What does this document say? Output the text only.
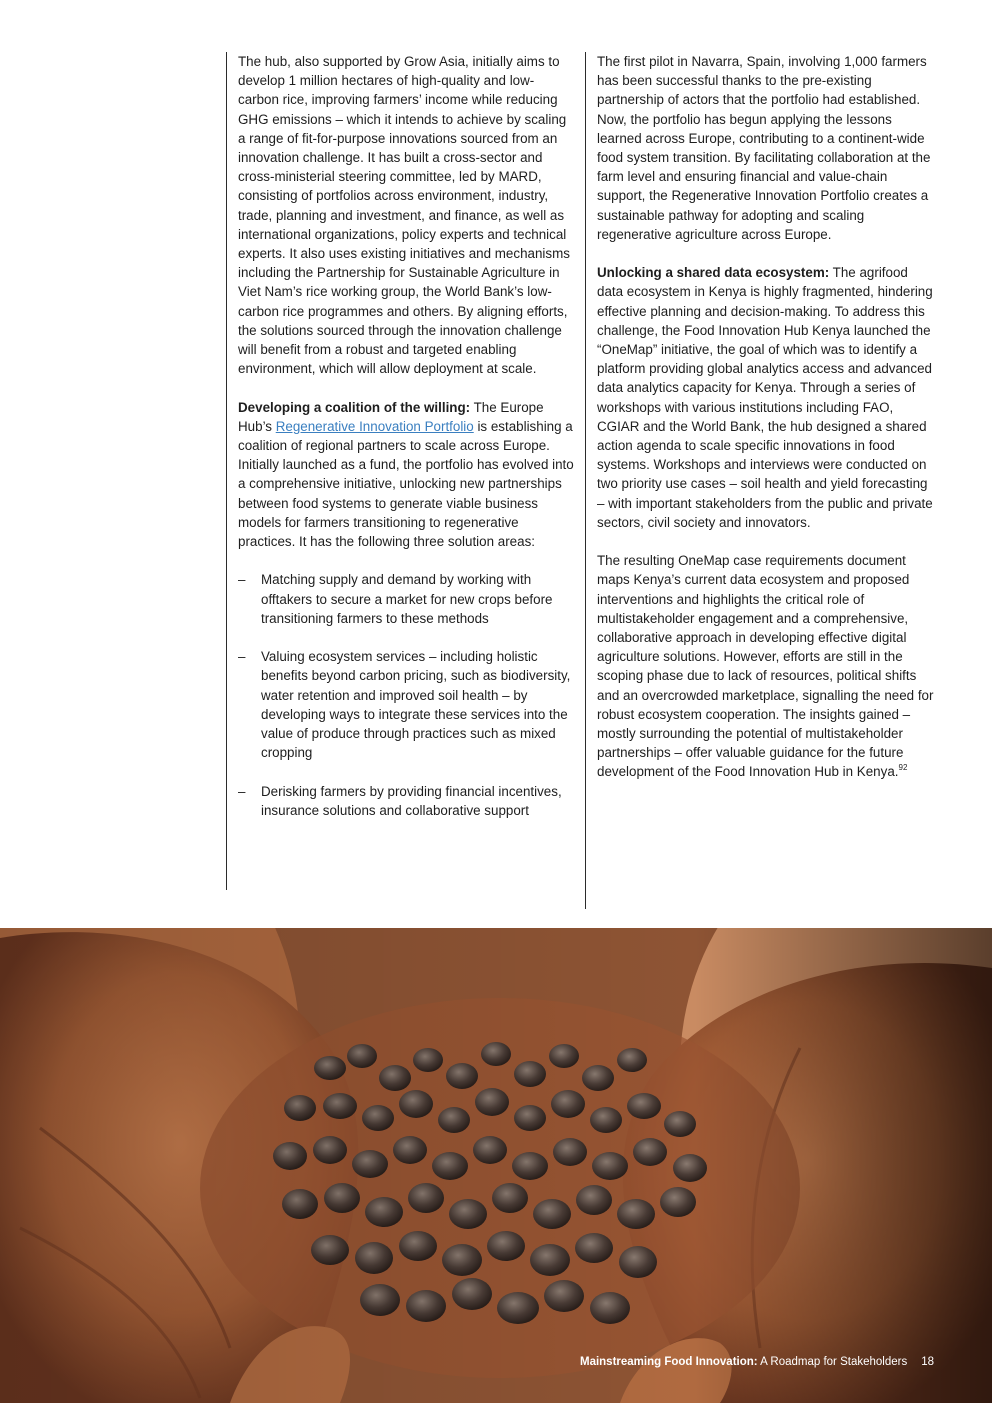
The hub, also supported by Grow Asia, initially aims to develop 1 million hectares of high-quality and low-carbon rice, improving farmers’ income while reducing GHG emissions – which it intends to achieve by scaling a range of fit-for-purpose innovations sourced from an innovation challenge. It has built a cross-sector and cross-ministerial steering committee, led by MARD, consisting of portfolios across environment, industry, trade, planning and investment, and finance, as well as international organizations, policy experts and technical experts. It also uses existing initiatives and mechanisms including the Partnership for Sustainable Agriculture in Viet Nam’s rice working group, the World Bank’s low-carbon rice programmes and others. By aligning efforts, the solutions sourced through the innovation challenge will benefit from a robust and targeted enabling environment, which will allow deployment at scale.

Developing a coalition of the willing: The Europe Hub’s Regenerative Innovation Portfolio is establishing a coalition of regional partners to scale across Europe. Initially launched as a fund, the portfolio has evolved into a comprehensive initiative, unlocking new partnerships between food systems to generate viable business models for farmers transitioning to regenerative practices. It has the following three solution areas:

– Matching supply and demand by working with offtakers to secure a market for new crops before transitioning farmers to these methods
– Valuing ecosystem services – including holistic benefits beyond carbon pricing, such as biodiversity, water retention and improved soil health – by developing ways to integrate these services into the value of produce through practices such as mixed cropping
– Derisking farmers by providing financial incentives, insurance solutions and collaborative support

The first pilot in Navarra, Spain, involving 1,000 farmers has been successful thanks to the pre-existing partnership of actors that the portfolio had established. Now, the portfolio has begun applying the lessons learned across Europe, contributing to a continent-wide food system transition. By facilitating collaboration at the farm level and ensuring financial and value-chain support, the Regenerative Innovation Portfolio creates a sustainable pathway for adopting and scaling regenerative agriculture across Europe.

Unlocking a shared data ecosystem: The agrifood data ecosystem in Kenya is highly fragmented, hindering effective planning and decision-making. To address this challenge, the Food Innovation Hub Kenya launched the “OneMap” initiative, the goal of which was to identify a platform providing global analytics access and advanced data analytics capacity for Kenya. Through a series of workshops with various institutions including FAO, CGIAR and the World Bank, the hub designed a shared action agenda to scale specific innovations in food systems. Workshops and interviews were conducted on two priority use cases – soil health and yield forecasting – with important stakeholders from the public and private sectors, civil society and innovators.

The resulting OneMap case requirements document maps Kenya’s current data ecosystem and proposed interventions and highlights the critical role of multistakeholder engagement and a comprehensive, collaborative approach in developing effective digital agriculture solutions. However, efforts are still in the scoping phase due to lack of resources, political shifts and an overcrowded marketplace, signalling the need for robust ecosystem cooperation. The insights gained – mostly surrounding the potential of multistakeholder partnerships – offer valuable guidance for the future development of the Food Innovation Hub in Kenya.$^{92}$

Mainstreaming Food Innovation: A Roadmap for Stakeholders 18
